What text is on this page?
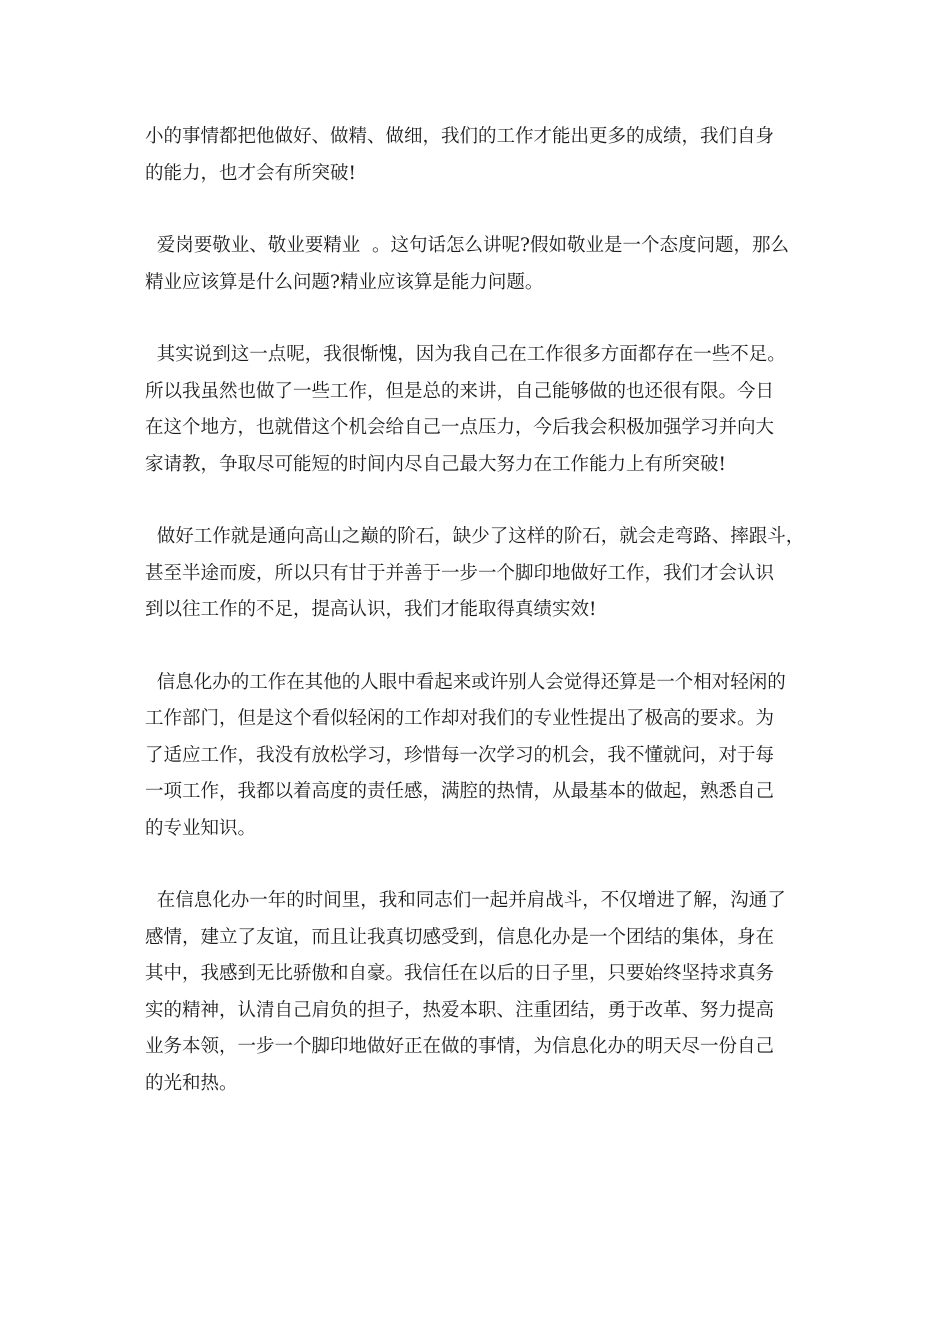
小的事情都把他做好、做精、做细，我们的工作才能出更多的成绩，我们自身
的能力，也才会有所突破!

爱岗要敬业、敬业要精业  。这句话怎么讲呢?假如敬业是一个态度问题，那么
精业应该算是什么问题?精业应该算是能力问题。

其实说到这一点呢，我很惭愧，因为我自己在工作很多方面都存在一些不足。
所以我虽然也做了一些工作，但是总的来讲，自己能够做的也还很有限。今日
在这个地方，也就借这个机会给自己一点压力，今后我会积极加强学习并向大
家请教，争取尽可能短的时间内尽自己最大努力在工作能力上有所突破!

做好工作就是通向高山之巅的阶石，缺少了这样的阶石，就会走弯路、摔跟斗，
甚至半途而废，所以只有甘于并善于一步一个脚印地做好工作，我们才会认识
到以往工作的不足，提高认识，我们才能取得真绩实效!

信息化办的工作在其他的人眼中看起来或许别人会觉得还算是一个相对轻闲的
工作部门，但是这个看似轻闲的工作却对我们的专业性提出了极高的要求。为
了适应工作，我没有放松学习，珍惜每一次学习的机会，我不懂就问，对于每
一项工作，我都以着高度的责任感，满腔的热情，从最基本的做起，熟悉自己
的专业知识。

在信息化办一年的时间里，我和同志们一起并肩战斗，不仅增进了解，沟通了
感情，建立了友谊，而且让我真切感受到，信息化办是一个团结的集体，身在
其中，我感到无比骄傲和自豪。我信任在以后的日子里，只要始终坚持求真务
实的精神，认清自己肩负的担子，热爱本职、注重团结，勇于改革、努力提高
业务本领，一步一个脚印地做好正在做的事情，为信息化办的明天尽一份自己
的光和热。
